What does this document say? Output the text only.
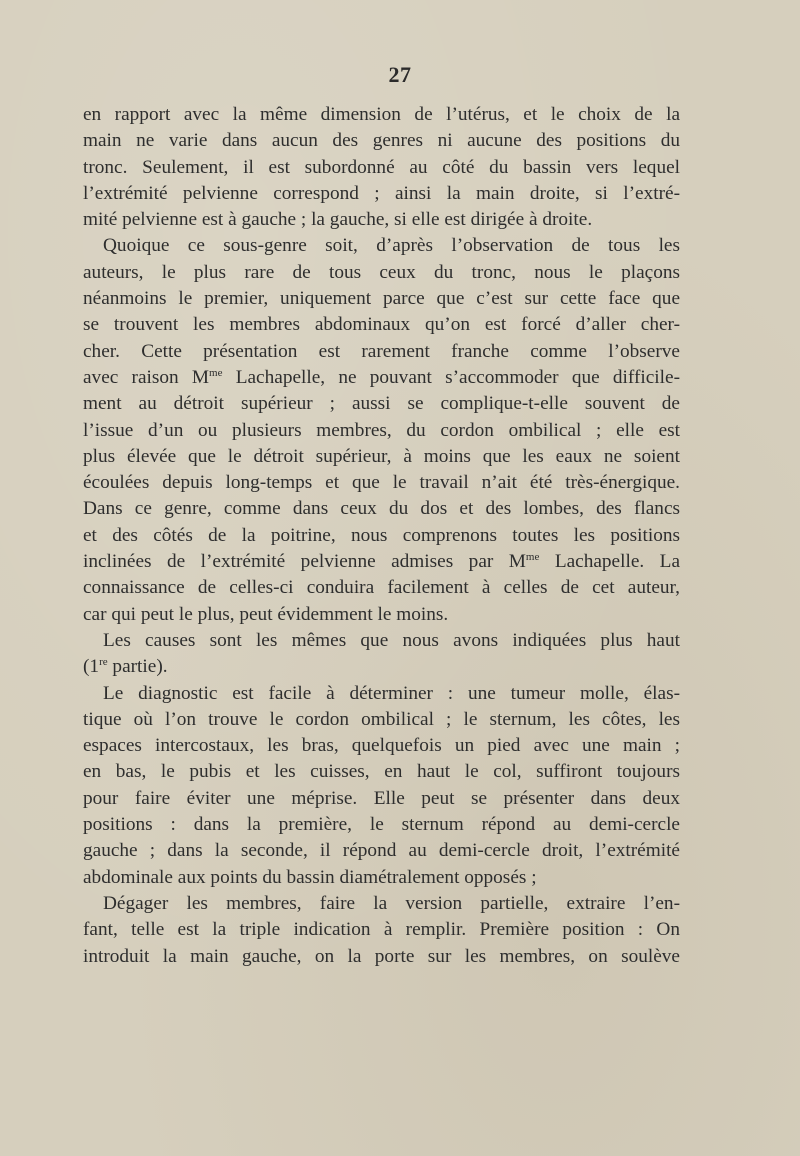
27
en rapport avec la même dimension de l’utérus, et le choix de la
main ne varie dans aucun des genres ni aucune des positions du
tronc. Seulement, il est subordonné au côté du bassin vers lequel
l’extrémité pelvienne correspond ; ainsi la main droite, si l’extré-
mité pelvienne est à gauche ; la gauche, si elle est dirigée à droite.
Quoique ce sous-genre soit, d’après l’observation de tous les
auteurs, le plus rare de tous ceux du tronc, nous le plaçons
néanmoins le premier, uniquement parce que c’est sur cette face que
se trouvent les membres abdominaux qu’on est forcé d’aller cher-
cher. Cette présentation est rarement franche comme l’observe
avec raison $M^{me}$ Lachapelle, ne pouvant s’accommoder que difficile-
ment au détroit supérieur ; aussi se complique-t-elle souvent de
l’issue d’un ou plusieurs membres, du cordon ombilical ; elle est
plus élevée que le détroit supérieur, à moins que les eaux ne soient
écoulées depuis long-temps et que le travail n’ait été très-énergique.
Dans ce genre, comme dans ceux du dos et des lombes, des flancs
et des côtés de la poitrine, nous comprenons toutes les positions
inclinées de l’extrémité pelvienne admises par $M^{me}$ Lachapelle. La
connaissance de celles-ci conduira facilement à celles de cet auteur,
car qui peut le plus, peut évidemment le moins.
Les causes sont les mêmes que nous avons indiquées plus haut
(1re partie).
Le diagnostic est facile à déterminer : une tumeur molle, élas-
tique où l’on trouve le cordon ombilical ; le sternum, les côtes, les
espaces intercostaux, les bras, quelquefois un pied avec une main ;
en bas, le pubis et les cuisses, en haut le col, suffiront toujours
pour faire éviter une méprise. Elle peut se présenter dans deux
positions : dans la première, le sternum répond au demi-cercle
gauche ; dans la seconde, il répond au demi-cercle droit, l’extrémité
abdominale aux points du bassin diamétralement opposés ;
Dégager les membres, faire la version partielle, extraire l’en-
fant, telle est la triple indication à remplir. Première position : On
introduit la main gauche, on la porte sur les membres, on soulève
